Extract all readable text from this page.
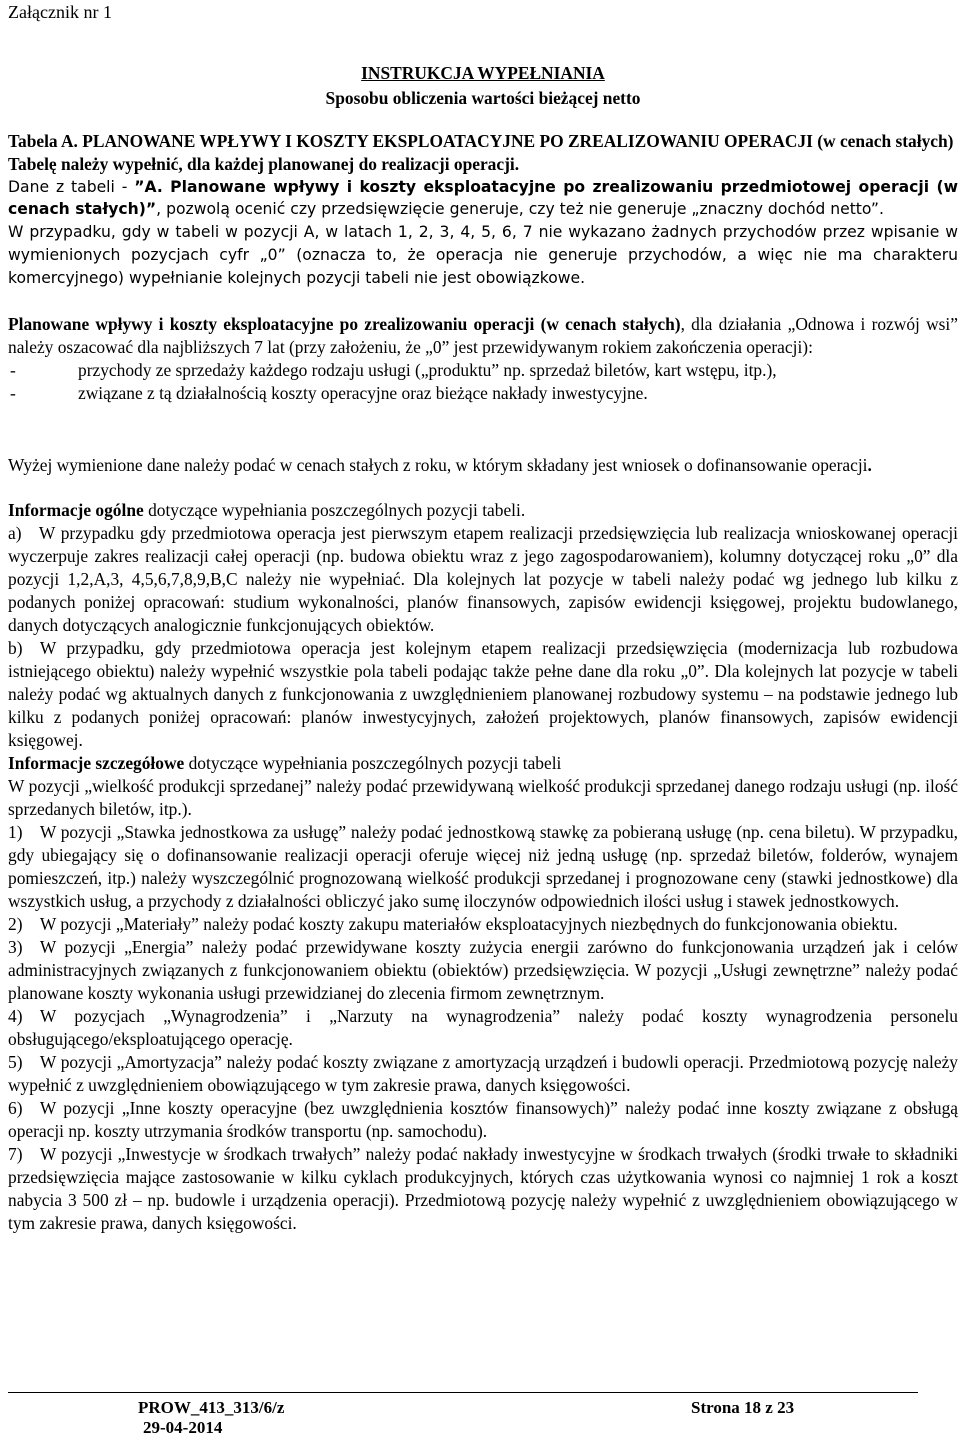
Załącznik nr 1
INSTRUKCJA WYPEŁNIANIA
Sposobu obliczenia wartości bieżącej netto

Tabela A. PLANOWANE WPŁYWY I KOSZTY EKSPLOATACYJNE PO ZREALIZOWANIU OPERACJI (w cenach stałych)

Tabelę należy wypełnić, dla każdej planowanej do realizacji operacji.

Dane z tabeli - ”A. Planowane wpływy i koszty eksploatacyjne po zrealizowaniu przedmiotowej operacji (w cenach stałych)”, pozwolą ocenić czy przedsięwzięcie generuje, czy też nie generuje „znaczny dochód netto”.

W przypadku, gdy w tabeli w pozycji A, w latach 1, 2, 3, 4, 5, 6, 7 nie wykazano żadnych przychodów przez wpisanie w wymienionych pozycjach cyfr „0” (oznacza to, że operacja nie generuje przychodów, a więc nie ma charakteru komercyjnego) wypełnianie kolejnych pozycji tabeli nie jest obowiązkowe.

Planowane wpływy i koszty eksploatacyjne po zrealizowaniu operacji (w cenach stałych), dla działania „Odnowa i rozwój wsi” należy oszacować dla najbliższych 7 lat (przy założeniu, że „0” jest przewidywanym rokiem zakończenia operacji):

-	przychody ze sprzedaży każdego rodzaju usługi („produktu” np. sprzedaż biletów, kart wstępu, itp.),
-	związane z tą działalnością koszty operacyjne oraz bieżące nakłady inwestycyjne.

Wyżej wymienione dane należy podać w cenach stałych z roku, w którym składany jest wniosek o dofinansowanie operacji.

Informacje ogólne dotyczące wypełniania poszczególnych pozycji tabeli.

a) W przypadku gdy przedmiotowa operacja jest pierwszym etapem realizacji przedsięwzięcia lub realizacja wnioskowanej operacji wyczerpuje zakres realizacji całej operacji (np. budowa obiektu wraz z jego zagospodarowaniem), kolumny dotyczącej roku „0” dla pozycji 1,2,A,3, 4,5,6,7,8,9,B,C należy nie wypełniać. Dla kolejnych lat pozycje w tabeli należy podać wg jednego lub kilku z podanych poniżej opracowań: studium wykonalności, planów finansowych, zapisów ewidencji księgowej, projektu budowlanego, danych dotyczących analogicznie funkcjonujących obiektów.

b) W przypadku, gdy przedmiotowa operacja jest kolejnym etapem realizacji przedsięwzięcia (modernizacja lub rozbudowa istniejącego obiektu) należy wypełnić wszystkie pola tabeli podając także pełne dane dla roku „0”. Dla kolejnych lat pozycje w tabeli należy podać wg aktualnych danych z funkcjonowania z uwzględnieniem planowanej rozbudowy systemu – na podstawie jednego lub kilku z podanych poniżej opracowań: planów inwestycyjnych, założeń projektowych, planów finansowych, zapisów ewidencji księgowej.

Informacje szczegółowe dotyczące wypełniania poszczególnych pozycji tabeli

W pozycji „wielkość produkcji sprzedanej” należy podać przewidywaną wielkość produkcji sprzedanej danego rodzaju usługi (np. ilość sprzedanych biletów, itp.).

1) W pozycji „Stawka jednostkowa za usługę” należy podać jednostkową stawkę za pobieraną usługę (np. cena biletu). W przypadku, gdy ubiegający się o dofinansowanie realizacji operacji oferuje więcej niż jedną usługę (np. sprzedaż biletów, folderów, wynajem pomieszczeń, itp.) należy wyszczególnić prognozowaną wielkość produkcji sprzedanej i prognozowane ceny (stawki jednostkowe) dla wszystkich usług, a przychody z działalności obliczyć jako sumę iloczynów odpowiednich ilości usług i stawek jednostkowych.

2) W pozycji „Materiały” należy podać koszty zakupu materiałów eksploatacyjnych niezbędnych do funkcjonowania obiektu.

3) W pozycji „Energia” należy podać przewidywane koszty zużycia energii zarówno do funkcjonowania urządzeń jak i celów administracyjnych związanych z funkcjonowaniem obiektu (obiektów) przedsięwzięcia. W pozycji „Usługi zewnętrzne” należy podać planowane koszty wykonania usługi przewidzianej do zlecenia firmom zewnętrznym.

4) W pozycjach „Wynagrodzenia” i „Narzuty na wynagrodzenia” należy podać koszty wynagrodzenia personelu obsługującego/eksploatującego operację.

5) W pozycji „Amortyzacja” należy podać koszty związane z amortyzacją urządzeń i budowli operacji. Przedmiotową pozycję należy wypełnić z uwzględnieniem obowiązującego w tym zakresie prawa, danych księgowości.

6) W pozycji „Inne koszty operacyjne (bez uwzględnienia kosztów finansowych)” należy podać inne koszty związane z obsługą operacji np. koszty utrzymania środków transportu (np. samochodu).

7) W pozycji „Inwestycje w środkach trwałych” należy podać nakłady inwestycyjne w środkach trwałych (środki trwałe to składniki przedsięwzięcia mające zastosowanie w kilku cyklach produkcyjnych, których czas użytkowania wynosi co najmniej 1 rok a koszt nabycia 3 500 zł – np. budowle i urządzenia operacji). Przedmiotową pozycję należy wypełnić z uwzględnieniem obowiązującego w tym zakresie prawa, danych księgowości.

PROW_413_313/6/z
29-04-2014
Strona 18 z 23
